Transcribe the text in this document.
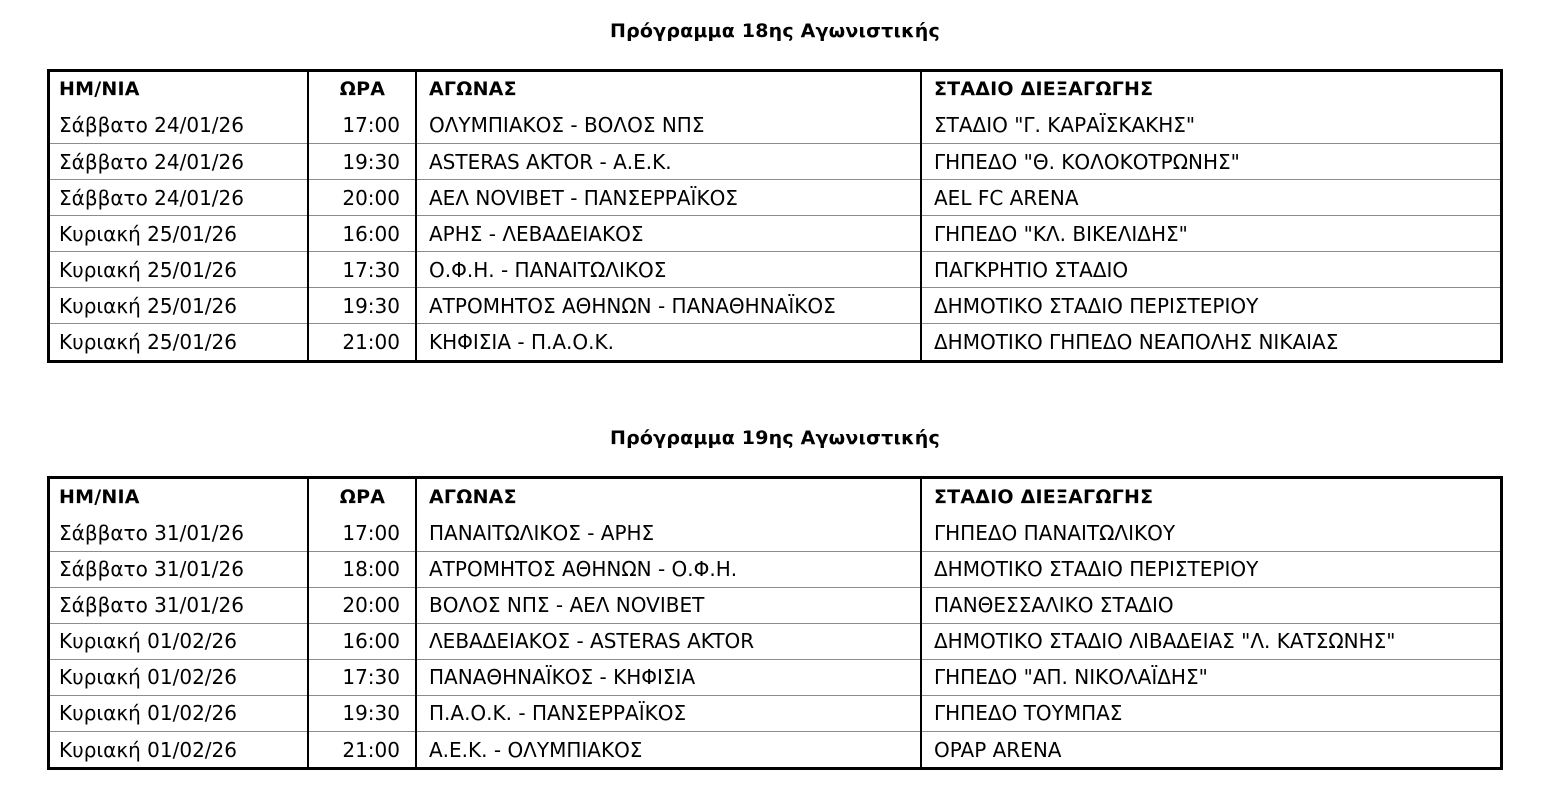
Πρόγραμμα 18ης Αγωνιστικής
ΗΜ/ΝΙΑ	ΩΡΑ	ΑΓΩΝΑΣ	ΣΤΑΔΙΟ ΔΙΕΞΑΓΩΓΗΣ
Σάββατο 24/01/26	17:00	ΟΛΥΜΠΙΑΚΟΣ - ΒΟΛΟΣ ΝΠΣ	ΣΤΑΔΙΟ "Γ. ΚΑΡΑΪΣΚΑΚΗΣ"
Σάββατο 24/01/26	19:30	ASTERAS AKTOR - Α.Ε.Κ.	ΓΗΠΕΔΟ "Θ. ΚΟΛΟΚΟΤΡΩΝΗΣ"
Σάββατο 24/01/26	20:00	ΑΕΛ NOVIBET - ΠΑΝΣΕΡΡΑΪΚΟΣ	AEL FC ARENA
Κυριακή 25/01/26	16:00	ΑΡΗΣ - ΛΕΒΑΔΕΙΑΚΟΣ	ΓΗΠΕΔΟ "ΚΛ. ΒΙΚΕΛΙΔΗΣ"
Κυριακή 25/01/26	17:30	Ο.Φ.Η. - ΠΑΝΑΙΤΩΛΙΚΟΣ	ΠΑΓΚΡΗΤΙΟ ΣΤΑΔΙΟ
Κυριακή 25/01/26	19:30	ΑΤΡΟΜΗΤΟΣ ΑΘΗΝΩΝ - ΠΑΝΑΘΗΝΑΪΚΟΣ	ΔΗΜΟΤΙΚΟ ΣΤΑΔΙΟ ΠΕΡΙΣΤΕΡΙΟΥ
Κυριακή 25/01/26	21:00	ΚΗΦΙΣΙΑ - Π.Α.Ο.Κ.	ΔΗΜΟΤΙΚΟ ΓΗΠΕΔΟ ΝΕΑΠΟΛΗΣ ΝΙΚΑΙΑΣ
Πρόγραμμα 19ης Αγωνιστικής
ΗΜ/ΝΙΑ	ΩΡΑ	ΑΓΩΝΑΣ	ΣΤΑΔΙΟ ΔΙΕΞΑΓΩΓΗΣ
Σάββατο 31/01/26	17:00	ΠΑΝΑΙΤΩΛΙΚΟΣ - ΑΡΗΣ	ΓΗΠΕΔΟ ΠΑΝΑΙΤΩΛΙΚΟΥ
Σάββατο 31/01/26	18:00	ΑΤΡΟΜΗΤΟΣ ΑΘΗΝΩΝ - Ο.Φ.Η.	ΔΗΜΟΤΙΚΟ ΣΤΑΔΙΟ ΠΕΡΙΣΤΕΡΙΟΥ
Σάββατο 31/01/26	20:00	ΒΟΛΟΣ ΝΠΣ - ΑΕΛ NOVIBET	ΠΑΝΘΕΣΣΑΛΙΚΟ ΣΤΑΔΙΟ
Κυριακή 01/02/26	16:00	ΛΕΒΑΔΕΙΑΚΟΣ - ASTERAS AKTOR	ΔΗΜΟΤΙΚΟ ΣΤΑΔΙΟ ΛΙΒΑΔΕΙΑΣ "Λ. ΚΑΤΣΩΝΗΣ"
Κυριακή 01/02/26	17:30	ΠΑΝΑΘΗΝΑΪΚΟΣ - ΚΗΦΙΣΙΑ	ΓΗΠΕΔΟ "ΑΠ. ΝΙΚΟΛΑΪΔΗΣ"
Κυριακή 01/02/26	19:30	Π.Α.Ο.Κ. - ΠΑΝΣΕΡΡΑΪΚΟΣ	ΓΗΠΕΔΟ ΤΟΥΜΠΑΣ
Κυριακή 01/02/26	21:00	Α.Ε.Κ. - ΟΛΥΜΠΙΑΚΟΣ	OPAP ARENA
